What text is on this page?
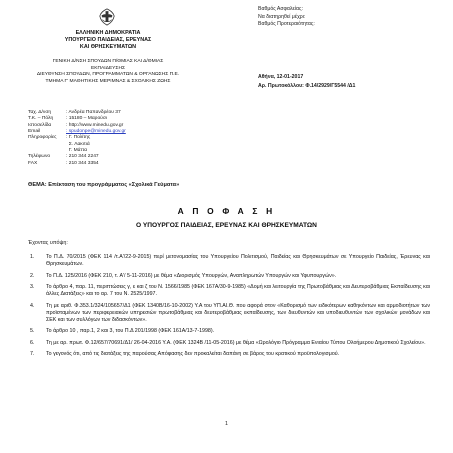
Βαθμός Ασφαλείας:
Να διατηρηθεί μέχρι:
Βαθμός Προτεραιότητας:
ΕΛΛΗΝΙΚΗ ΔΗΜΟΚΡΑΤΙΑ
ΥΠΟΥΡΓΕΙΟ ΠΑΙΔΕΙΑΣ, ΕΡΕΥΝΑΣ
ΚΑΙ ΘΡΗΣΚΕΥΜΑΤΩΝ
ΓΕΝΙΚΗ Δ/ΝΣΗ ΣΠΟΥΔΩΝ Π/ΘΜΙΑΣ ΚΑΙ Δ/ΘΜΙΑΣ
ΕΚΠΑΙΔΕΥΣΗΣ
ΔΙΕΥΘΥΝΣΗ ΣΠΟΥΔΩΝ, ΠΡΟΓΡΑΜΜΑΤΩΝ & ΟΡΓΑΝΩΣΗΣ Π.Ε.
ΤΜΗΜΑ Γ' ΜΑΘΗΤΙΚΗΣ ΜΕΡΙΜΝΑΣ & ΣΧΟΛΙΚΗΣ ΖΩΗΣ
Αθήνα, 12-01-2017
Αρ. Πρωτοκόλλου: Φ.14/2929/Γ5544 /Δ1
Ταχ. Δ/νση	: Ανδρέα Παπανδρέου 37
Τ.Κ. – Πόλη	: 15180 – Μαρούσι
Ιστοσελίδα	: http://www.minedu.gov.gr
Email	: spudonpe@minedu.gov.gr
Πληροφορίες	: Γ. Πολίτης
Σ. Λακιτιά
Γ. Μάττα
Τηλέφωνο	: 210 344 2247
FAX	: 210 344 3354
ΘΕΜΑ: Επέκταση του προγράμματος «Σχολικά Γεύματα»
Α Π Ο Φ Α Σ Η
Ο ΥΠΟΥΡΓΟΣ ΠΑΙΔΕΙΑΣ, ΕΡΕΥΝΑΣ ΚΑΙ ΘΡΗΣΚΕΥΜΑΤΩΝ
Έχοντας υπόψη:
1. Το Π.Δ. 70/2015 (ΦΕΚ 114 /τ.Α'/22-9-2015) περί μετονομασίας του Υπουργείου Πολιτισμού, Παιδείας και Θρησκευμάτων σε Υπουργείο Παιδείας, Έρευνας και Θρησκευμάτων.
2. Το Π.Δ. 125/2016 (ΦΕΚ 210, τ. Α'/ 5-11-2016) με θέμα «Διορισμός Υπουργών, Αναπληρωτών Υπουργών και Υφυπουργών».
3. Το άρθρο 4, παρ. 11, περιπτώσεις γ, ε και ζ του Ν. 1566/1985 (ΦΕΚ 167Α/30-9-1985) «Δομή και λειτουργία της Πρωτοβάθμιας και Δευτεροβάθμιας Εκπαίδευσης και άλλες Διατάξεις» και το αρ. 7 του Ν. 2525/1997.
4. Τη με αριθ. Φ.353.1/324/105657/Δ1 (ΦΕΚ 1340Β/16-10-2002) Υ.Α του ΥΠ.ΑΙ.Θ. που αφορά στον «Καθορισμό των ειδικότερων καθηκόντων και αρμοδιοτήτων των προϊσταμένων των περιφερειακών υπηρεσιών πρωτοβάθμιας και δευτεροβάθμιας εκπαίδευσης, των διευθυντών και υποδιευθυντών των σχολικών μονάδων και ΣΕΚ και των συλλόγων των διδασκόντων».
5. Το άρθρο 10 , παρ.1, 2 και 3, του Π.Δ 201/1998 (ΦΕΚ 161Α/13-7-1998).
6. Τη με αρ. πρωτ. Φ.12/657/70691/Δ1/ 26-04-2016 Υ.Α. (ΦΕΚ 1324Β /11-05-2016) με θέμα «Ωρολόγιο Πρόγραμμα Ενιαίου Τύπου Ολοήμερου Δημοτικού Σχολείου».
7. Το γεγονός ότι, από τις διατάξεις της παρούσας Απόφασης δεν προκαλείται δαπάνη σε βάρος του κρατικού προϋπολογισμού.
1
